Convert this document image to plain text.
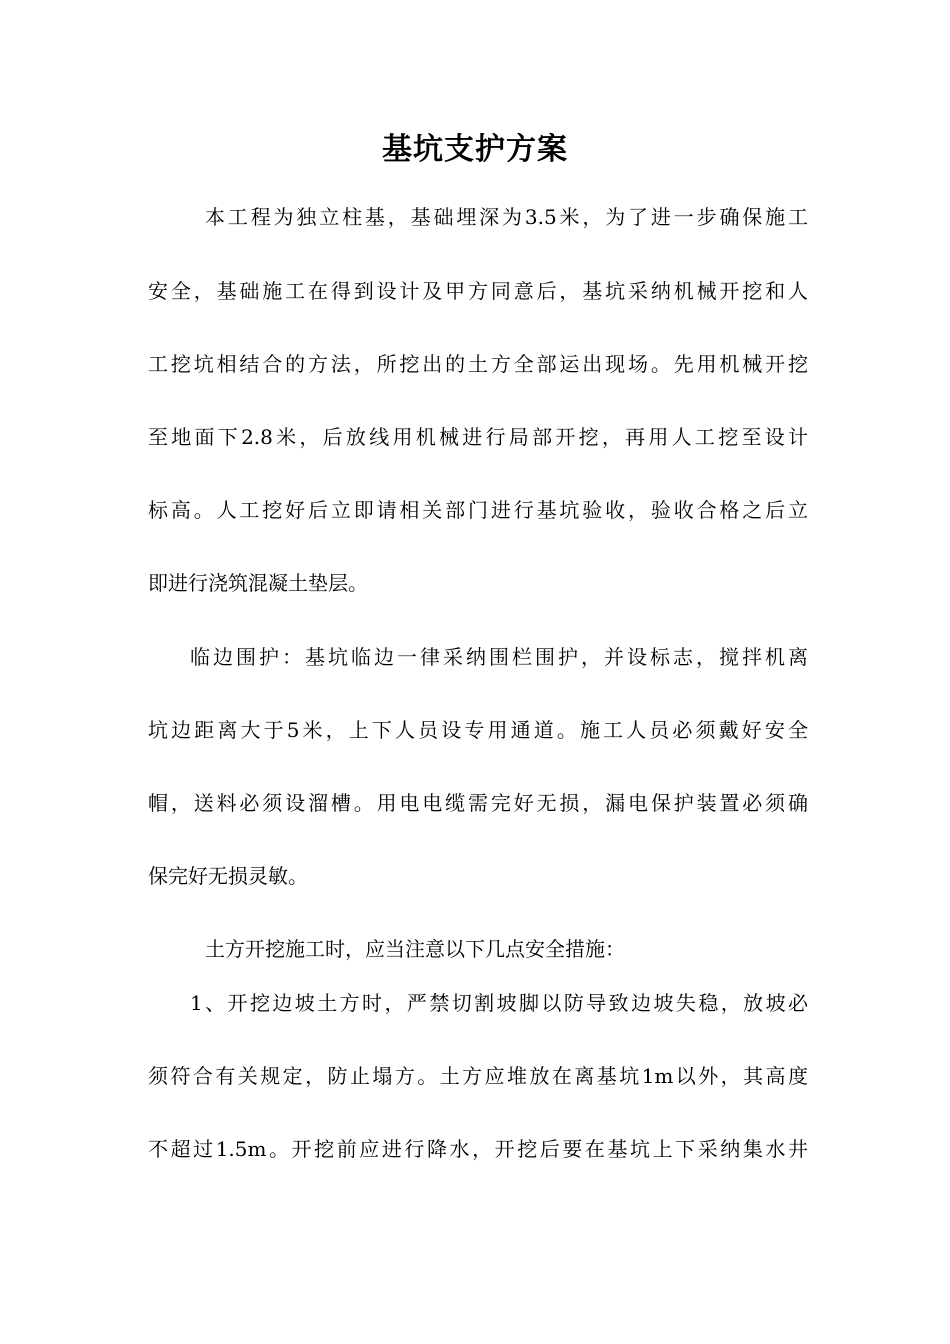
基坑支护方案
本工程为独立柱基，基础埋深为3.5米，为了进一步确保施工
安全，基础施工在得到设计及甲方同意后，基坑采纳机械开挖和人
工挖坑相结合的方法，所挖出的土方全部运出现场。先用机械开挖
至地面下2.8米，后放线用机械进行局部开挖，再用人工挖至设计
标高。人工挖好后立即请相关部门进行基坑验收，验收合格之后立
即进行浇筑混凝土垫层。
临边围护：基坑临边一律采纳围栏围护，并设标志，搅拌机离
坑边距离大于5米，上下人员设专用通道。施工人员必须戴好安全
帽，送料必须设溜槽。用电电缆需完好无损，漏电保护装置必须确
保完好无损灵敏。
土方开挖施工时，应当注意以下几点安全措施：
1、开挖边坡土方时，严禁切割坡脚以防导致边坡失稳，放坡必
须符合有关规定，防止塌方。土方应堆放在离基坑1m以外，其高度
不超过1.5m。开挖前应进行降水，开挖后要在基坑上下采纳集水井
